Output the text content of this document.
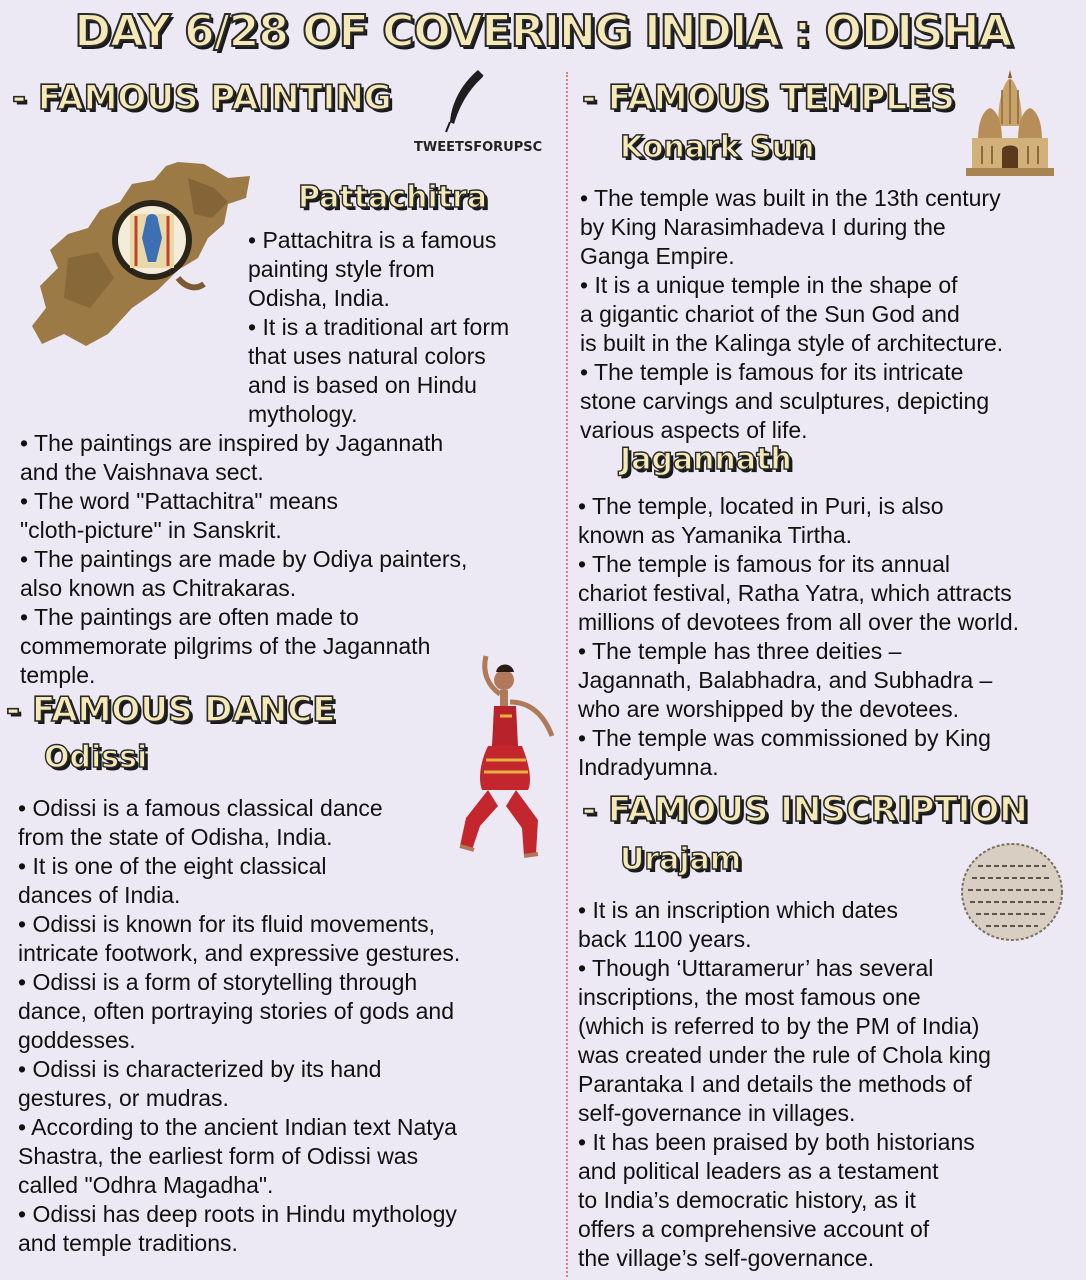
DAY 6/28 OF COVERING INDIA : ODISHA
- FAMOUS PAINTING
TWEETSFORUPSC
Pattachitra

• Pattachitra is a famous

painting style from

Odisha, India.

• It is a traditional art form

that uses natural colors

and is based on Hindu

mythology.

• The paintings are inspired by Jagannath

and the Vaishnava sect.

• The word "Pattachitra" means

"cloth-picture" in Sanskrit.

• The paintings are made by Odiya painters,

also known as Chitrakaras.

• The paintings are often made to

commemorate pilgrims of the Jagannath

temple.

- FAMOUS DANCE
Odissi

• Odissi is a famous classical dance

from the state of Odisha, India.

• It is one of the eight classical

dances of India.

• Odissi is known for its fluid movements,

intricate footwork, and expressive gestures.

• Odissi is a form of storytelling through

dance, often portraying stories of gods and

goddesses.

• Odissi is characterized by its hand

gestures, or mudras.

• According to the ancient Indian text Natya

Shastra, the earliest form of Odissi was

called "Odhra Magadha".

• Odissi has deep roots in Hindu mythology

and temple traditions.

- FAMOUS TEMPLES
Konark Sun

• The temple was built in the 13th century

by King Narasimhadeva I during the

Ganga Empire.

• It is a unique temple in the shape of

a gigantic chariot of the Sun God and

is built in the Kalinga style of architecture.

• The temple is famous for its intricate

stone carvings and sculptures, depicting

various aspects of life.

Jagannath

• The temple, located in Puri, is also

known as Yamanika Tirtha.

• The temple is famous for its annual

chariot festival, Ratha Yatra, which attracts

millions of devotees from all over the world.

• The temple has three deities –

Jagannath, Balabhadra, and Subhadra –

who are worshipped by the devotees.

• The temple was commissioned by King

Indradyumna.

- FAMOUS INSCRIPTION
Urajam

• It is an inscription which dates

back 1100 years.

• Though ‘Uttaramerur’ has several

inscriptions, the most famous one

(which is referred to by the PM of India)

was created under the rule of Chola king

Parantaka I and details the methods of

self-governance in villages.

• It has been praised by both historians

and political leaders as a testament

to India’s democratic history, as it

offers a comprehensive account of

the village’s self-governance.
